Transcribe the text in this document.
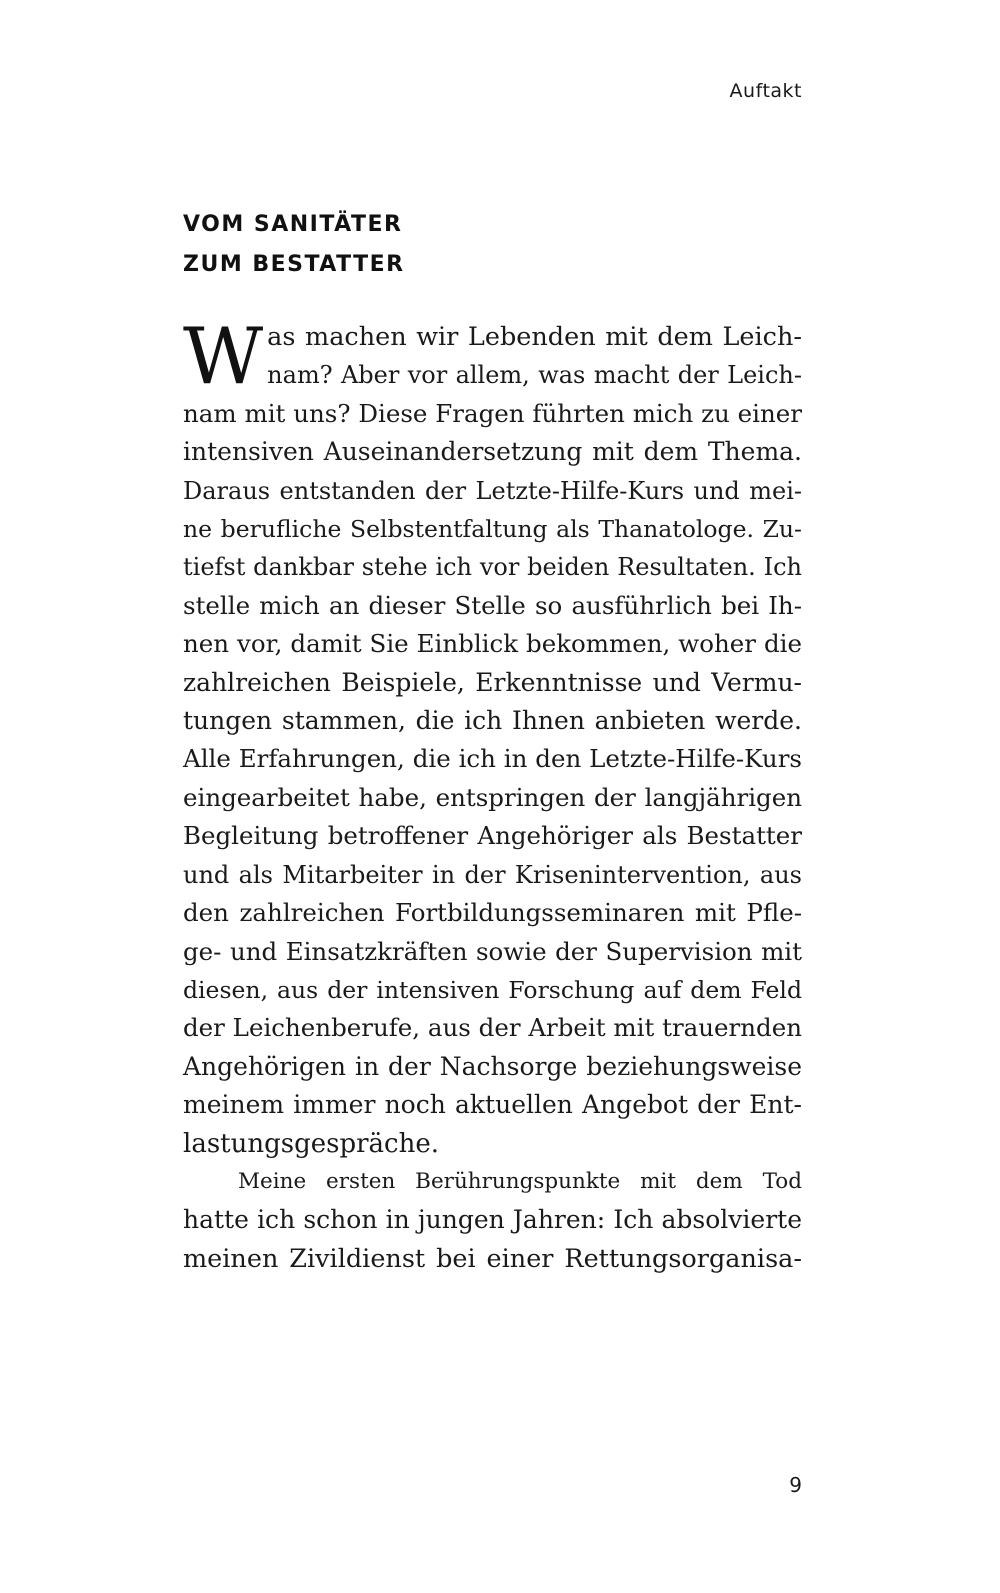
Auftakt
VOM SANITÄTER
ZUM BESTATTER
W as machen wir Lebenden mit dem Leich-
nam? Aber vor allem, was macht der Leich-
nam mit uns? Diese Fragen führten mich zu einer
intensiven Auseinandersetzung mit dem Thema.
Daraus entstanden der Letzte-Hilfe-Kurs und mei-
ne berufliche Selbstentfaltung als Thanatologe. Zu-
tiefst dankbar stehe ich vor beiden Resultaten. Ich
stelle mich an dieser Stelle so ausführlich bei Ih-
nen vor, damit Sie Einblick bekommen, woher die
zahlreichen Beispiele, Erkenntnisse und Vermu-
tungen stammen, die ich Ihnen anbieten werde.
Alle Erfahrungen, die ich in den Letzte-Hilfe-Kurs
eingearbeitet habe, entspringen der langjährigen
Begleitung betroffener Angehöriger als Bestatter
und als Mitarbeiter in der Krisenintervention, aus
den zahlreichen Fortbildungsseminaren mit Pfle-
ge- und Einsatzkräften sowie der Supervision mit
diesen, aus der intensiven Forschung auf dem Feld
der Leichenberufe, aus der Arbeit mit trauernden
Angehörigen in der Nachsorge beziehungsweise
meinem immer noch aktuellen Angebot der Ent-
lastungsgespräche.
Meine ersten Berührungspunkte mit dem Tod
hatte ich schon in jungen Jahren: Ich absolvierte
meinen Zivildienst bei einer Rettungsorganisa-
9
